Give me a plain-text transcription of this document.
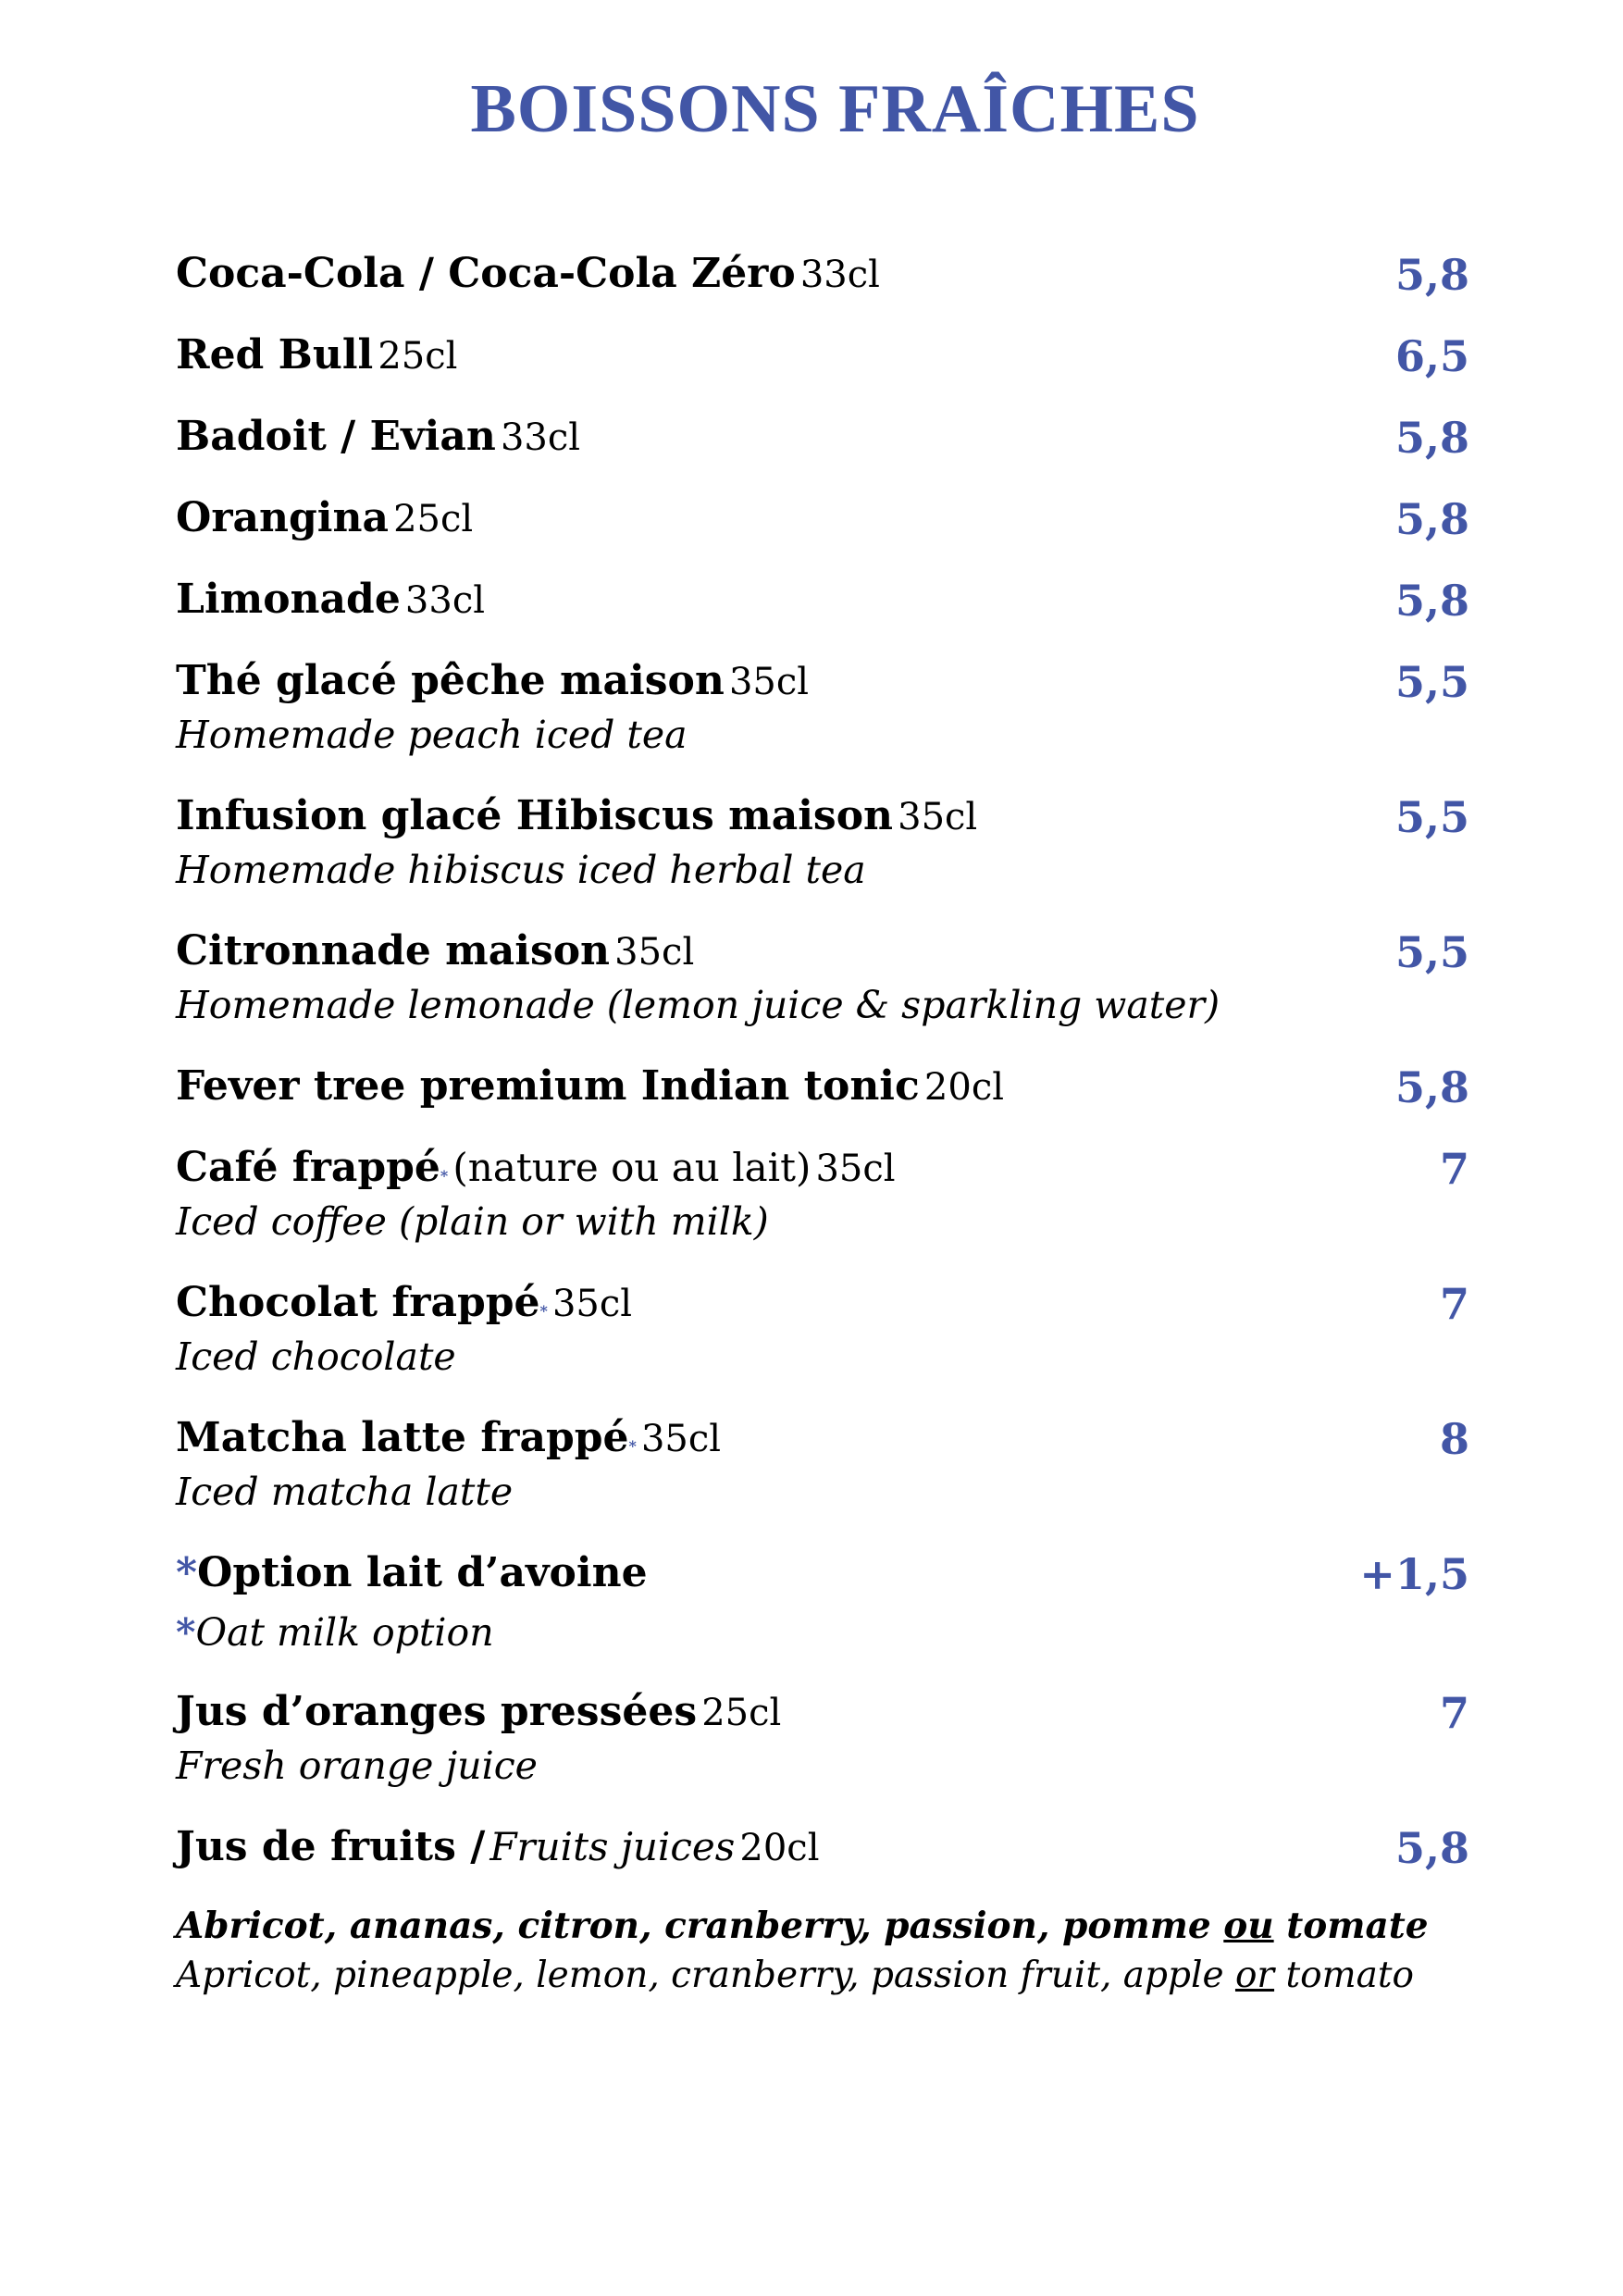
BOISSONS FRAÎCHES
Coca-Cola / Coca-Cola Zéro 33cl	5,8
Red Bull 25cl	6,5
Badoit / Evian 33cl	5,8
Orangina 25cl	5,8
Limonade 33cl	5,8
Thé glacé pêche maison 35cl	5,5
Homemade peach iced tea
Infusion glacé Hibiscus maison 35cl	5,5
Homemade hibiscus iced herbal tea
Citronnade maison 35cl	5,5
Homemade lemonade (lemon juice & sparkling water)
Fever tree premium Indian tonic 20cl	5,8
Café frappé* (nature ou au lait) 35cl	7
Iced coffee (plain or with milk)
Chocolat frappé* 35cl	7
Iced chocolate
Matcha latte frappé* 35cl	8
Iced matcha latte
*Option lait d’avoine	+1,5
*Oat milk option
Jus d’oranges pressées 25cl	7
Fresh orange juice
Jus de fruits / Fruits juices 20cl	5,8
Abricot, ananas, citron, cranberry, passion, pomme ou tomate
Apricot, pineapple, lemon, cranberry, passion fruit, apple or tomato
